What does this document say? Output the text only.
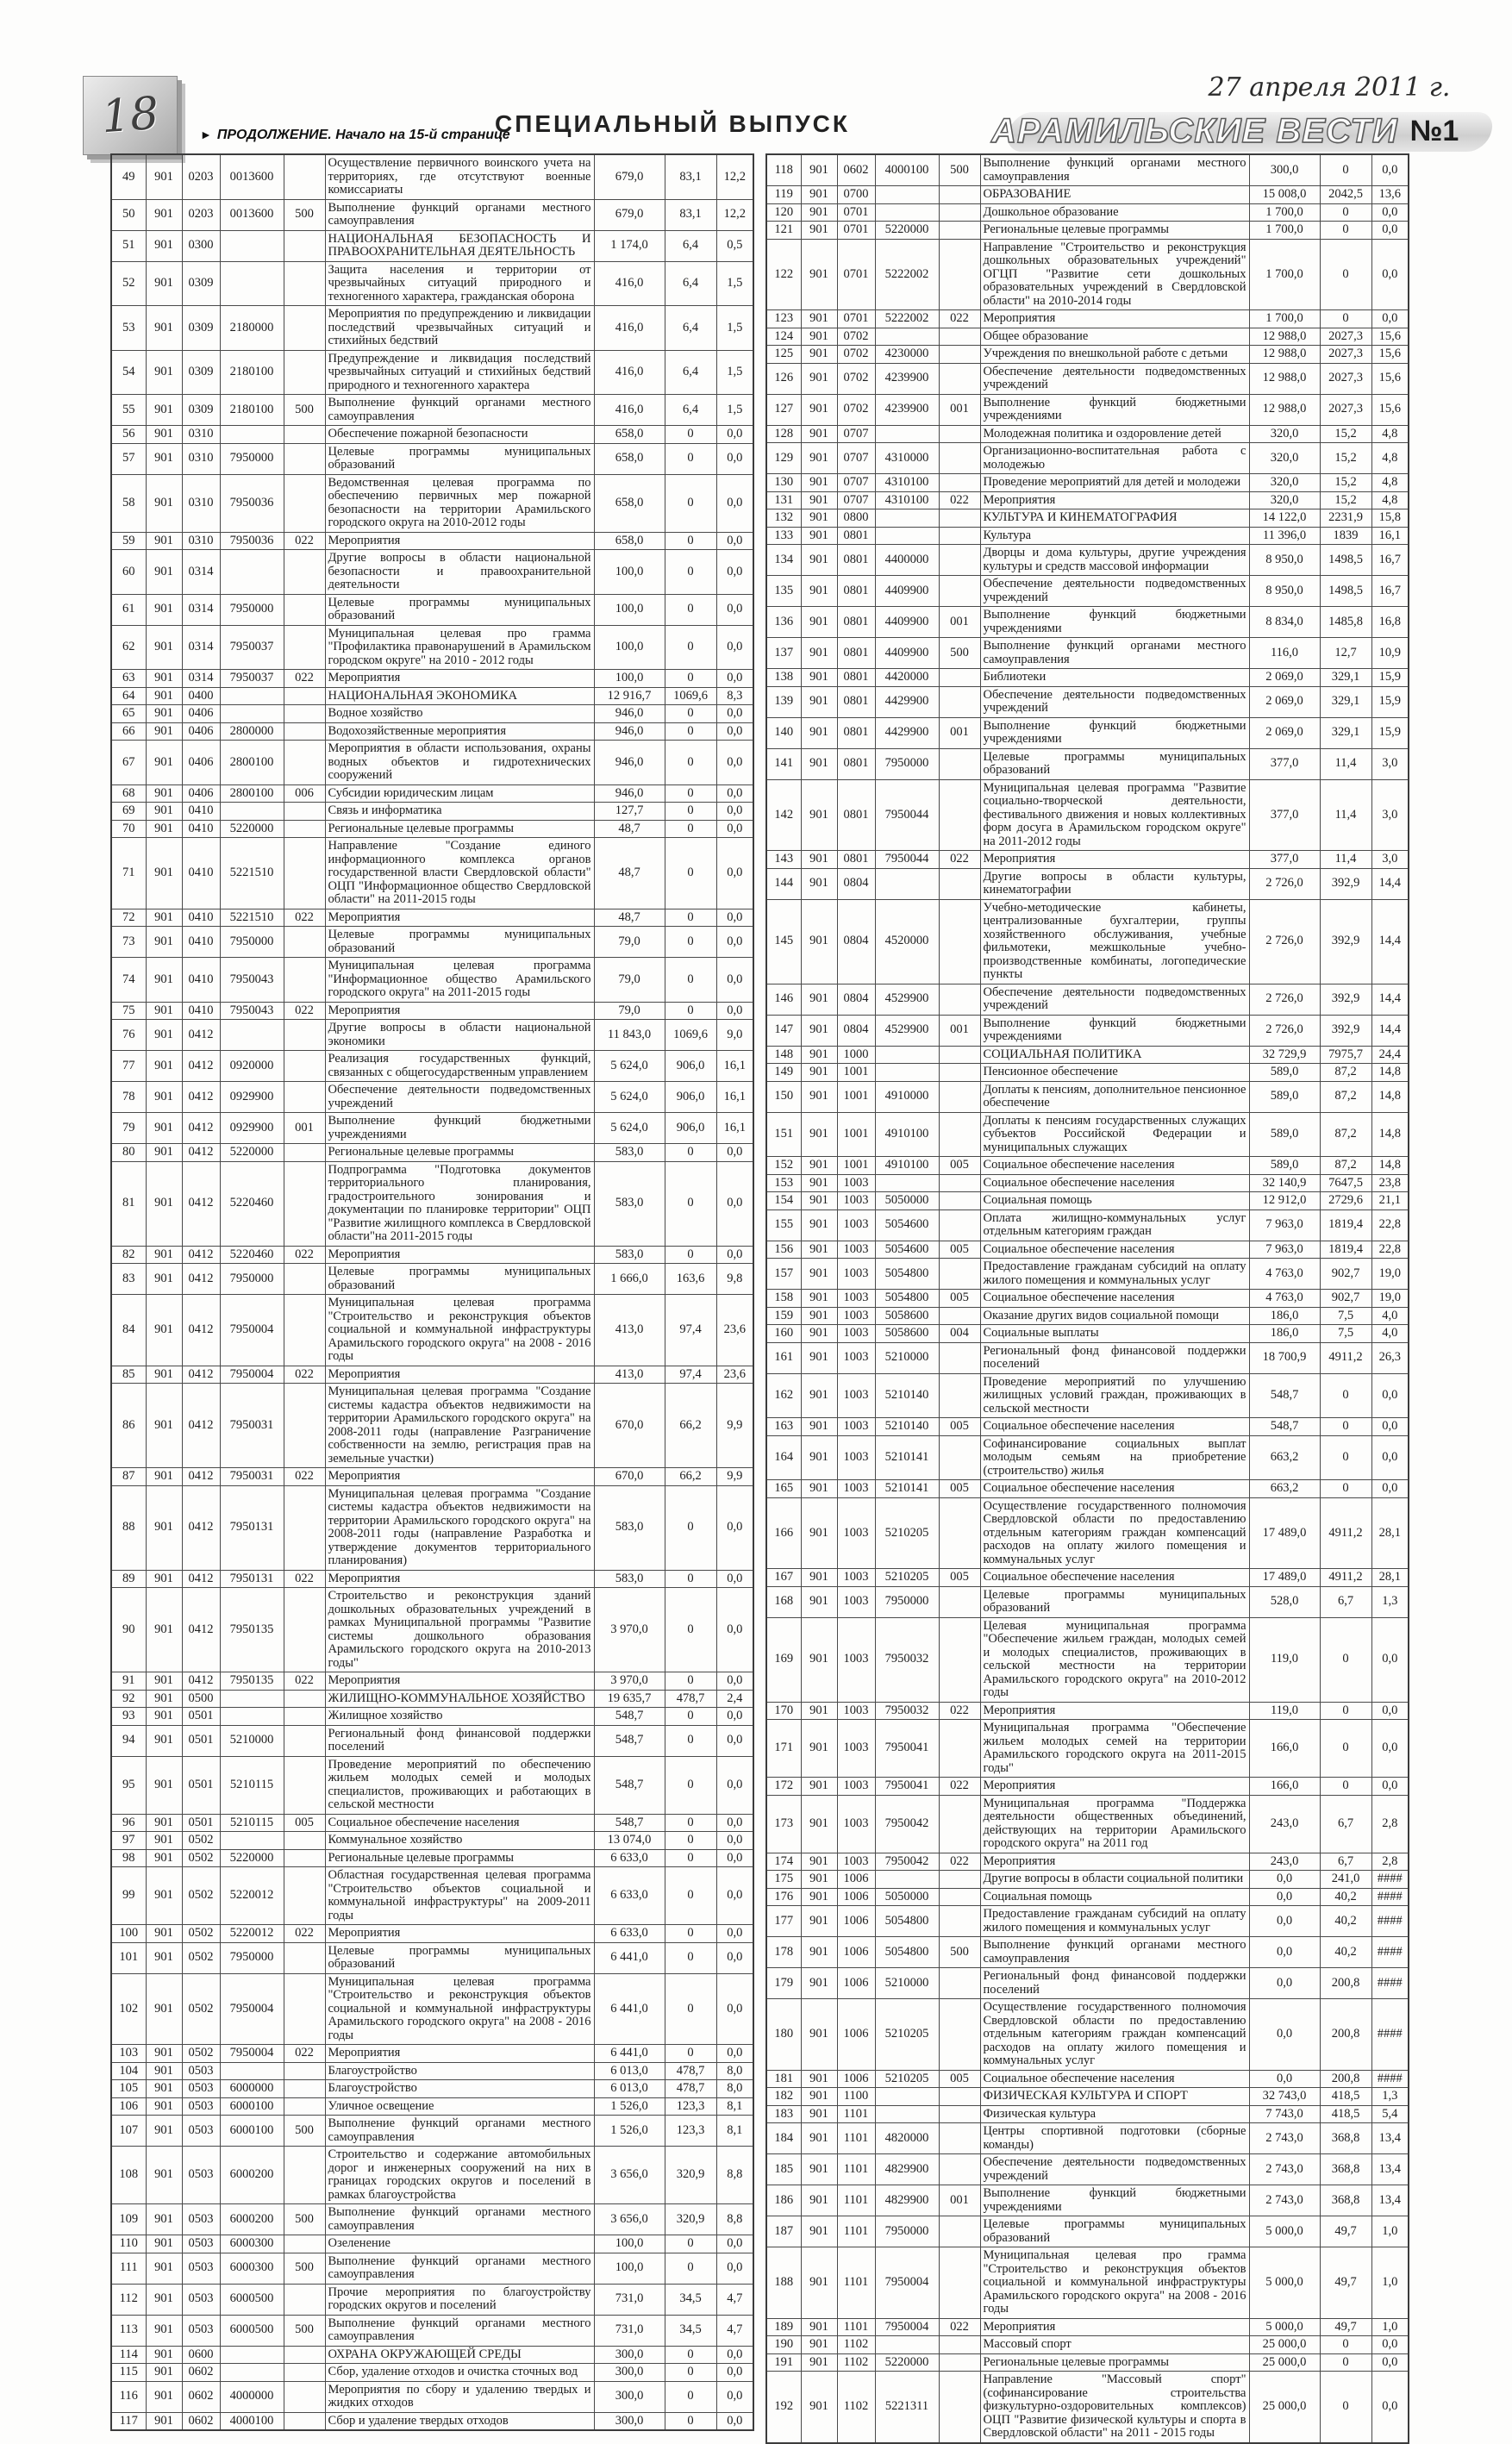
18	► ПРОДОЛЖЕНИЕ. Начало на 15-й странице
СПЕЦИАЛЬНЫЙ ВЫПУСК
27 апреля 2011 г.
АРАМИЛЬСКИЕ ВЕСТИ №1
49	901	0203	0013600		Осуществление первичного воинского учета на территориях, где отсутствуют военные комиссариаты	679,0	83,1	12,2
50	901	0203	0013600	500	Выполнение функций органами местного самоуправления	679,0	83,1	12,2
51	901	0300			НАЦИОНАЛЬНАЯ БЕЗОПАСНОСТЬ И ПРАВООХРАНИТЕЛЬНАЯ ДЕЯТЕЛЬНОСТЬ	1 174,0	6,4	0,5
52	901	0309			Защита населения и территории от чрезвычайных ситуаций природного и техногенного характера, гражданская оборона	416,0	6,4	1,5
53	901	0309	2180000		Мероприятия по предупреждению и ликвидации последствий чрезвычайных ситуаций и стихийных бедствий	416,0	6,4	1,5
54	901	0309	2180100		Предупреждение и ликвидация последствий чрезвычайных ситуаций и стихийных бедствий природного и техногенного характера	416,0	6,4	1,5
55	901	0309	2180100	500	Выполнение функций органами местного самоуправления	416,0	6,4	1,5
56	901	0310			Обеспечение пожарной безопасности	658,0	0	0,0
57	901	0310	7950000		Целевые программы муниципальных образований	658,0	0	0,0
58	901	0310	7950036		Ведомственная целевая программа по обеспечению первичных мер пожарной безопасности на территории Арамильского городского округа на 2010-2012 годы	658,0	0	0,0
59	901	0310	7950036	022	Мероприятия	658,0	0	0,0
60	901	0314			Другие вопросы в области национальной безопасности и правоохранительной деятельности	100,0	0	0,0
61	901	0314	7950000		Целевые программы муниципальных образований	100,0	0	0,0
62	901	0314	7950037		Муниципальная целевая про грамма "Профилактика правонарушений в Арамильском городском округе" на 2010 - 2012 годы	100,0	0	0,0
63	901	0314	7950037	022	Мероприятия	100,0	0	0,0
64	901	0400			НАЦИОНАЛЬНАЯ ЭКОНОМИКА	12 916,7	1069,6	8,3
65	901	0406			Водное хозяйство	946,0	0	0,0
66	901	0406	2800000		Водохозяйственные мероприятия	946,0	0	0,0
67	901	0406	2800100		Мероприятия в области использования, охраны водных объектов и гидротехнических сооружений	946,0	0	0,0
68	901	0406	2800100	006	Субсидии юридическим лицам	946,0	0	0,0
69	901	0410			Связь и информатика	127,7	0	0,0
70	901	0410	5220000		Региональные целевые программы	48,7	0	0,0
71	901	0410	5221510		Направление "Создание единого информационного комплекса органов государственной власти Свердловской области" ОЦП "Информационное общество Свердловской области" на 2011-2015 годы	48,7	0	0,0
72	901	0410	5221510	022	Мероприятия	48,7	0	0,0
73	901	0410	7950000		Целевые программы муниципальных образований	79,0	0	0,0
74	901	0410	7950043		Муниципальная целевая программа "Информационное общество Арамильского городского округа" на 2011-2015 годы	79,0	0	0,0
75	901	0410	7950043	022	Мероприятия	79,0	0	0,0
76	901	0412			Другие вопросы в области национальной экономики	11 843,0	1069,6	9,0
77	901	0412	0920000		Реализация государственных функций, связанных с общегосударственным управлением	5 624,0	906,0	16,1
78	901	0412	0929900		Обеспечение деятельности подведомственных учреждений	5 624,0	906,0	16,1
79	901	0412	0929900	001	Выполнение функций бюджетными учреждениями	5 624,0	906,0	16,1
80	901	0412	5220000		Региональные целевые программы	583,0	0	0,0
81	901	0412	5220460		Подпрограмма "Подготовка документов территориального планирования, градостроительного зонирования и документации по планировке территории" ОЦП "Развитие жилищного комплекса в Свердловской области"на 2011-2015 годы	583,0	0	0,0
82	901	0412	5220460	022	Мероприятия	583,0	0	0,0
83	901	0412	7950000		Целевые программы муниципальных образований	1 666,0	163,6	9,8
84	901	0412	7950004		Муниципальная целевая программа "Строительство и реконструкция объектов социальной и коммунальной инфраструктуры Арамильского городского округа" на 2008 - 2016 годы	413,0	97,4	23,6
85	901	0412	7950004	022	Мероприятия	413,0	97,4	23,6
86	901	0412	7950031		Муниципальная целевая программа "Создание системы кадастра объектов недвижимости на территории Арамильского городского округа" на 2008-2011 годы (направление Разграничение собственности на землю, регистрация прав на земельные участки)	670,0	66,2	9,9
87	901	0412	7950031	022	Мероприятия	670,0	66,2	9,9
88	901	0412	7950131		Муниципальная целевая программа "Создание системы кадастра объектов недвижимости на территории Арамильского городского округа" на 2008-2011 годы (направление Разработка и утверждение документов территориального планирования)	583,0	0	0,0
89	901	0412	7950131	022	Мероприятия	583,0	0	0,0
90	901	0412	7950135		Строительство и реконструкция зданий дошкольных образовательных учреждений в рамках Муниципальной программы "Развитие системы дошкольного образования Арамильского городского округа на 2010-2013 годы"	3 970,0	0	0,0
91	901	0412	7950135	022	Мероприятия	3 970,0	0	0,0
92	901	0500			ЖИЛИЩНО-КОММУНАЛЬНОЕ ХОЗЯЙСТВО	19 635,7	478,7	2,4
93	901	0501			Жилищное хозяйство	548,7	0	0,0
94	901	0501	5210000		Региональный фонд финансовой поддержки поселений	548,7	0	0,0
95	901	0501	5210115		Проведение мероприятий по обеспечению жильем молодых семей и молодых специалистов, проживающих и работающих в сельской местности	548,7	0	0,0
96	901	0501	5210115	005	Социальное обеспечение населения	548,7	0	0,0
97	901	0502			Коммунальное хозяйство	13 074,0	0	0,0
98	901	0502	5220000		Региональные целевые программы	6 633,0	0	0,0
99	901	0502	5220012		Областная государственная целевая программа "Строительство объектов социальной и коммунальной инфраструктуры" на 2009-2011 годы	6 633,0	0	0,0
100	901	0502	5220012	022	Мероприятия	6 633,0	0	0,0
101	901	0502	7950000		Целевые программы муниципальных образований	6 441,0	0	0,0
102	901	0502	7950004		Муниципальная целевая программа "Строительство и реконструкция объектов социальной и коммунальной инфраструктуры Арамильского городского округа" на 2008 - 2016 годы	6 441,0	0	0,0
103	901	0502	7950004	022	Мероприятия	6 441,0	0	0,0
104	901	0503			Благоустройство	6 013,0	478,7	8,0
105	901	0503	6000000		Благоустройство	6 013,0	478,7	8,0
106	901	0503	6000100		Уличное освещение	1 526,0	123,3	8,1
107	901	0503	6000100	500	Выполнение функций органами местного самоуправления	1 526,0	123,3	8,1
108	901	0503	6000200		Строительство и содержание автомобильных дорог и инженерных сооружений на них в границах городских округов и поселений в рамках благоустройства	3 656,0	320,9	8,8
109	901	0503	6000200	500	Выполнение функций органами местного самоуправления	3 656,0	320,9	8,8
110	901	0503	6000300		Озеленение	100,0	0	0,0
111	901	0503	6000300	500	Выполнение функций органами местного самоуправления	100,0	0	0,0
112	901	0503	6000500		Прочие мероприятия по благоустройству городских округов и поселений	731,0	34,5	4,7
113	901	0503	6000500	500	Выполнение функций органами местного самоуправления	731,0	34,5	4,7
114	901	0600			ОХРАНА ОКРУЖАЮЩЕЙ СРЕДЫ	300,0	0	0,0
115	901	0602			Сбор, удаление отходов и очистка сточных вод	300,0	0	0,0
116	901	0602	4000000		Мероприятия по сбору и удалению твердых и жидких отходов	300,0	0	0,0
117	901	0602	4000100		Сбор и удаление твердых отходов	300,0	0	0,0
118	901	0602	4000100	500	Выполнение функций органами местного самоуправления	300,0	0	0,0
119	901	0700			ОБРАЗОВАНИЕ	15 008,0	2042,5	13,6
120	901	0701			Дошкольное образование	1 700,0	0	0,0
121	901	0701	5220000		Региональные целевые программы	1 700,0	0	0,0
122	901	0701	5222002		Направление "Строительство и реконструкция дошкольных образовательных учреждений" ОГЦП "Развитие сети дошкольных образовательных учреждений в Свердловской области" на 2010-2014 годы	1 700,0	0	0,0
123	901	0701	5222002	022	Мероприятия	1 700,0	0	0,0
124	901	0702			Общее образование	12 988,0	2027,3	15,6
125	901	0702	4230000		Учреждения по внешкольной работе с детьми	12 988,0	2027,3	15,6
126	901	0702	4239900		Обеспечение деятельности подведомственных учреждений	12 988,0	2027,3	15,6
127	901	0702	4239900	001	Выполнение функций бюджетными учреждениями	12 988,0	2027,3	15,6
128	901	0707			Молодежная политика и оздоровление детей	320,0	15,2	4,8
129	901	0707	4310000		Организационно-воспитательная работа с молодежью	320,0	15,2	4,8
130	901	0707	4310100		Проведение мероприятий для детей и молодежи	320,0	15,2	4,8
131	901	0707	4310100	022	Мероприятия	320,0	15,2	4,8
132	901	0800			КУЛЬТУРА И КИНЕМАТОГРАФИЯ	14 122,0	2231,9	15,8
133	901	0801			Культура	11 396,0	1839	16,1
134	901	0801	4400000		Дворцы и дома культуры, другие учреждения культуры и средств массовой информации	8 950,0	1498,5	16,7
135	901	0801	4409900		Обеспечение деятельности подведомственных учреждений	8 950,0	1498,5	16,7
136	901	0801	4409900	001	Выполнение функций бюджетными учреждениями	8 834,0	1485,8	16,8
137	901	0801	4409900	500	Выполнение функций органами местного самоуправления	116,0	12,7	10,9
138	901	0801	4420000		Библиотеки	2 069,0	329,1	15,9
139	901	0801	4429900		Обеспечение деятельности подведомственных учреждений	2 069,0	329,1	15,9
140	901	0801	4429900	001	Выполнение функций бюджетными учреждениями	2 069,0	329,1	15,9
141	901	0801	7950000		Целевые программы муниципальных образований	377,0	11,4	3,0
142	901	0801	7950044		Муниципальная целевая программа "Развитие социально-творческой деятельности, фестивального движения и новых коллективных форм досуга в Арамильском городском округе" на 2011-2012 годы	377,0	11,4	3,0
143	901	0801	7950044	022	Мероприятия	377,0	11,4	3,0
144	901	0804			Другие вопросы в области культуры, кинематографии	2 726,0	392,9	14,4
145	901	0804	4520000		Учебно-методические кабинеты, централизованные бухгалтерии, группы хозяйственного обслуживания, учебные фильмотеки, межшкольные учебно-производственные комбинаты, логопедические пункты	2 726,0	392,9	14,4
146	901	0804	4529900		Обеспечение деятельности подведомственных учреждений	2 726,0	392,9	14,4
147	901	0804	4529900	001	Выполнение функций бюджетными учреждениями	2 726,0	392,9	14,4
148	901	1000			СОЦИАЛЬНАЯ ПОЛИТИКА	32 729,9	7975,7	24,4
149	901	1001			Пенсионное обеспечение	589,0	87,2	14,8
150	901	1001	4910000		Доплаты к пенсиям, дополнительное пенсионное обеспечение	589,0	87,2	14,8
151	901	1001	4910100		Доплаты к пенсиям государственных служащих субъектов Российской Федерации и муниципальных служащих	589,0	87,2	14,8
152	901	1001	4910100	005	Социальное обеспечение населения	589,0	87,2	14,8
153	901	1003			Социальное обеспечение населения	32 140,9	7647,5	23,8
154	901	1003	5050000		Социальная помощь	12 912,0	2729,6	21,1
155	901	1003	5054600		Оплата жилищно-коммунальных услуг отдельным категориям граждан	7 963,0	1819,4	22,8
156	901	1003	5054600	005	Социальное обеспечение населения	7 963,0	1819,4	22,8
157	901	1003	5054800		Предоставление гражданам субсидий на оплату жилого помещения и коммунальных услуг	4 763,0	902,7	19,0
158	901	1003	5054800	005	Социальное обеспечение населения	4 763,0	902,7	19,0
159	901	1003	5058600		Оказание других видов социальной помощи	186,0	7,5	4,0
160	901	1003	5058600	004	Социальные выплаты	186,0	7,5	4,0
161	901	1003	5210000		Региональный фонд финансовой поддержки поселений	18 700,9	4911,2	26,3
162	901	1003	5210140		Проведение мероприятий по улучшению жилищных условий граждан, проживающих в сельской местности	548,7	0	0,0
163	901	1003	5210140	005	Социальное обеспечение населения	548,7	0	0,0
164	901	1003	5210141		Софинансирование социальных выплат молодым семьям на приобретение (строительство) жилья	663,2	0	0,0
165	901	1003	5210141	005	Социальное обеспечение населения	663,2	0	0,0
166	901	1003	5210205		Осуществление государственного полномочия Свердловской области по предоставлению отдельным категориям граждан компенсаций расходов на оплату жилого помещения и коммунальных услуг	17 489,0	4911,2	28,1
167	901	1003	5210205	005	Социальное обеспечение населения	17 489,0	4911,2	28,1
168	901	1003	7950000		Целевые программы муниципальных образований	528,0	6,7	1,3
169	901	1003	7950032		Целевая муниципальная программа "Обеспечение жильем граждан, молодых семей и молодых специалистов, проживающих в сельской местности на территории Арамильского городского округа" на 2010-2012 годы	119,0	0	0,0
170	901	1003	7950032	022	Мероприятия	119,0	0	0,0
171	901	1003	7950041		Муниципальная программа "Обеспечение жильем молодых семей на территории Арамильского городского округа на 2011-2015 годы"	166,0	0	0,0
172	901	1003	7950041	022	Мероприятия	166,0	0	0,0
173	901	1003	7950042		Муниципальная программа "Поддержка деятельности общественных объединений, действующих на территории Арамильского городского округа" на 2011 год	243,0	6,7	2,8
174	901	1003	7950042	022	Мероприятия	243,0	6,7	2,8
175	901	1006			Другие вопросы в области социальной политики	0,0	241,0	####
176	901	1006	5050000		Социальная помощь	0,0	40,2	####
177	901	1006	5054800		Предоставление гражданам субсидий на оплату жилого помещения и коммунальных услуг	0,0	40,2	####
178	901	1006	5054800	500	Выполнение функций органами местного самоуправления	0,0	40,2	####
179	901	1006	5210000		Региональный фонд финансовой поддержки поселений	0,0	200,8	####
180	901	1006	5210205		Осуществление государственного полномочия Свердловской области по предоставлению отдельным категориям граждан компенсаций расходов на оплату жилого помещения и коммунальных услуг	0,0	200,8	####
181	901	1006	5210205	005	Социальное обеспечение населения	0,0	200,8	####
182	901	1100			ФИЗИЧЕСКАЯ КУЛЬТУРА И СПОРТ	32 743,0	418,5	1,3
183	901	1101			Физическая культура	7 743,0	418,5	5,4
184	901	1101	4820000		Центры спортивной подготовки (сборные команды)	2 743,0	368,8	13,4
185	901	1101	4829900		Обеспечение деятельности подведомственных учреждений	2 743,0	368,8	13,4
186	901	1101	4829900	001	Выполнение функций бюджетными учреждениями	2 743,0	368,8	13,4
187	901	1101	7950000		Целевые программы муниципальных образований	5 000,0	49,7	1,0
188	901	1101	7950004		Муниципальная целевая про грамма "Строительство и реконструкция объектов социальной и коммунальной инфраструктуры Арамильского городского округа" на 2008 - 2016 годы	5 000,0	49,7	1,0
189	901	1101	7950004	022	Мероприятия	5 000,0	49,7	1,0
190	901	1102			Массовый спорт	25 000,0	0	0,0
191	901	1102	5220000		Региональные целевые программы	25 000,0	0	0,0
192	901	1102	5221311		Направление "Массовый спорт" (софинансирование строительства физкультурно-оздоровительных комплексов) ОЦП "Развитие физической культуры и спорта в Свердловской области" на 2011 - 2015 годы	25 000,0	0	0,0
